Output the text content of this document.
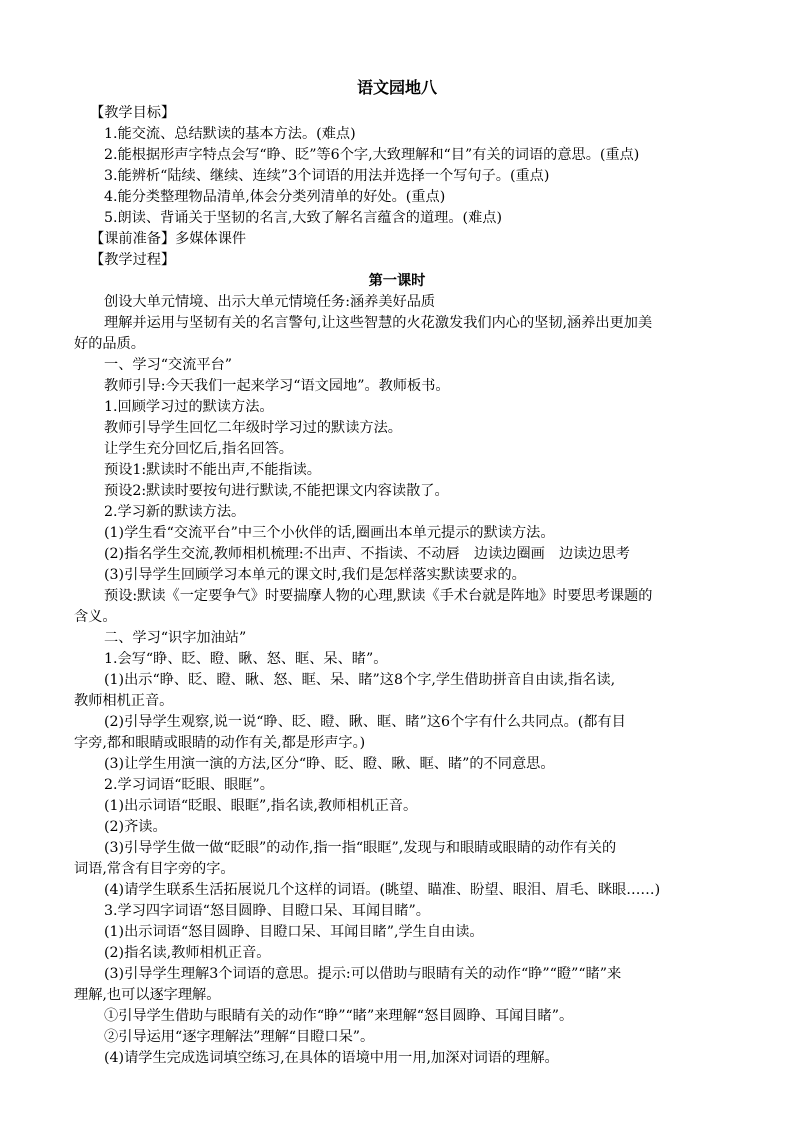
语文园地八
【教学目标】
1.能交流、总结默读的基本方法。(难点)
2.能根据形声字特点会写“睁、眨”等6个字,大致理解和“目”有关的词语的意思。(重点)
3.能辨析“陆续、继续、连续”3个词语的用法并选择一个写句子。(重点)
4.能分类整理物品清单,体会分类列清单的好处。(重点)
5.朗读、背诵关于坚韧的名言,大致了解名言蕴含的道理。(难点)
【课前准备】多媒体课件
【教学过程】
第一课时
创设大单元情境、出示大单元情境任务:涵养美好品质
理解并运用与坚韧有关的名言警句,让这些智慧的火花激发我们内心的坚韧,涵养出更加美
好的品质。
一、学习“交流平台”
教师引导:今天我们一起来学习“语文园地”。教师板书。
1.回顾学习过的默读方法。
教师引导学生回忆二年级时学习过的默读方法。
让学生充分回忆后,指名回答。
预设1:默读时不能出声,不能指读。
预设2:默读时要按句进行默读,不能把课文内容读散了。
2.学习新的默读方法。
(1)学生看“交流平台”中三个小伙伴的话,圈画出本单元提示的默读方法。
(2)指名学生交流,教师相机梳理:不出声、不指读、不动唇　边读边圈画　边读边思考
(3)引导学生回顾学习本单元的课文时,我们是怎样落实默读要求的。
预设:默读《一定要争气》时要揣摩人物的心理,默读《手术台就是阵地》时要思考课题的
含义。
二、学习“识字加油站”
1.会写“睁、眨、瞪、瞅、怒、眶、呆、睹”。
(1)出示“睁、眨、瞪、瞅、怒、眶、呆、睹”这8个字,学生借助拼音自由读,指名读,
教师相机正音。
(2)引导学生观察,说一说“睁、眨、瞪、瞅、眶、睹”这6个字有什么共同点。(都有目
字旁,都和眼睛或眼睛的动作有关,都是形声字。)
(3)让学生用演一演的方法,区分“睁、眨、瞪、瞅、眶、睹”的不同意思。
2.学习词语“眨眼、眼眶”。
(1)出示词语“眨眼、眼眶”,指名读,教师相机正音。
(2)齐读。
(3)引导学生做一做“眨眼”的动作,指一指“眼眶”,发现与和眼睛或眼睛的动作有关的
词语,常含有目字旁的字。
(4)请学生联系生活拓展说几个这样的词语。(眺望、瞄准、盼望、眼泪、眉毛、眯眼……)
3.学习四字词语“怒目圆睁、目瞪口呆、耳闻目睹”。
(1)出示词语“怒目圆睁、目瞪口呆、耳闻目睹”,学生自由读。
(2)指名读,教师相机正音。
(3)引导学生理解3个词语的意思。提示:可以借助与眼睛有关的动作“睁”“瞪”“睹”来
理解,也可以逐字理解。
①引导学生借助与眼睛有关的动作“睁”“睹”来理解“怒目圆睁、耳闻目睹”。
②引导运用“逐字理解法”理解“目瞪口呆”。
(4)请学生完成选词填空练习,在具体的语境中用一用,加深对词语的理解。
